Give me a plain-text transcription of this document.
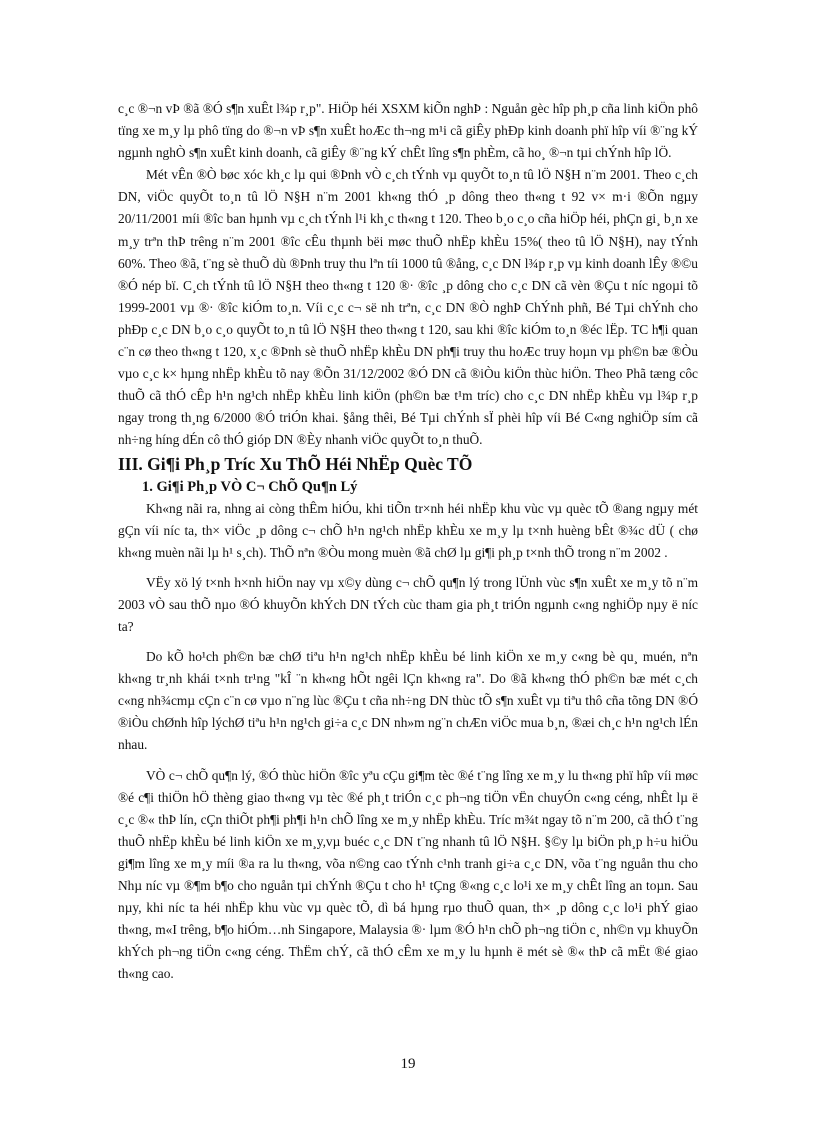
c¸c ®¬n vÞ ®ã ®Ó s¶n xuÊt l¾p r¸p". HiÖp héi XSXM kiÕn nghÞ : Nguån gèc hîp ph¸p cña linh kiÖn phô tïng xe m¸y lµ phô tïng do ®¬n vÞ s¶n xuÊt hoÆc th¬ng m¹i cã giÊy phÐp kinh doanh phï hîp víi ®¨ng kÝ ngµnh nghÒ s¶n xuÊt kinh doanh, cã giÊy ®¨ng kÝ chÊt lîng s¶n phÈm, cã ho¸ ®¬n tµi chÝnh hîp lÖ.

Mét vÊn ®Ò bøc xóc kh¸c lµ qui ®Þnh vÒ c¸ch tÝnh vµ quyÕt to¸n tû lÖ N§H n¨m 2001. Theo c¸ch DN, viÖc quyÕt to¸n tû lÖ N§H n¨m 2001 kh«ng thÓ ¸p dông theo th«ng t 92 v× m·i ®Õn ngµy 20/11/2001 míi ®îc ban hµnh vµ c¸ch tÝnh l¹i kh¸c th«ng t 120. Theo b¸o c¸o cña hiÖp héi, phÇn gi¸ b¸n xe m¸y trªn thÞ trêng n¨m 2001 ®îc cÊu thµnh bëi møc thuÕ nhËp khÈu 15%( theo tû lÖ N§H), nay tÝnh 60%. Theo ®ã, t¨ng sè thuÕ dù ®Þnh truy thu lªn tíi 1000 tû ®ång, c¸c DN l¾p r¸p vµ kinh doanh lÊy ®©u ®Ó nép bï. C¸ch tÝnh tû lÖ N§H theo th«ng t 120 ®· ®îc ¸p dông cho c¸c DN cã vèn ®Çu t níc ngoµi tõ 1999-2001 vµ ®· ®îc kiÓm to¸n. Víi c¸c c¬ së nh trªn, c¸c DN ®Ò nghÞ ChÝnh phñ, Bé Tµi chÝnh cho phÐp c¸c DN b¸o c¸o quyÕt to¸n tû lÖ N§H theo th«ng t 120, sau khi ®îc kiÓm to¸n ®éc lËp. TC h¶i quan c¨n cø theo th«ng t 120, x¸c ®Þnh sè thuÕ nhËp khÈu DN ph¶i truy thu hoÆc truy hoµn vµ ph©n bæ ®Òu vµo c¸c k× hµng nhËp khÈu tõ nay ®Õn 31/12/2002 ®Ó DN cã ®iÒu kiÖn thùc hiÖn. Theo Phã tæng côc thuÕ cã thÓ cÊp h¹n ng¹ch nhËp khÈu linh kiÖn (ph©n bæ t¹m tríc) cho c¸c DN nhËp khÈu vµ l¾p r¸p ngay trong th¸ng 6/2000 ®Ó triÓn khai. §ång thêi, Bé Tµi chÝnh sÏ phèi hîp víi Bé C«ng nghiÖp sím cã nh÷ng híng dÉn cô thÓ gióp DN ®Èy nhanh viÖc quyÕt to¸n thuÕ.

III. Gi¶i Ph¸p Tríc Xu ThÕ Héi NhËp Quèc TÕ
1. Gi¶i Ph¸p VÒ C¬ ChÕ Qu¶n Lý

Kh«ng nãi ra, nhng ai còng thÊm hiÓu, khi tiÕn tr×nh héi nhËp khu vùc vµ quèc tÕ ®ang ngµy mét gÇn víi níc ta, th× viÖc ¸p dông c¬ chÕ h¹n ng¹ch nhËp khÈu xe m¸y lµ t×nh huèng bÊt ®¾c dÜ ( chø kh«ng muèn nãi lµ h¹ s¸ch). ThÕ nªn ®Òu mong muèn ®ã chØ lµ gi¶i ph¸p t×nh thÕ trong n¨m 2002 .

VËy xö lý t×nh h×nh hiÖn nay vµ x©y dùng c¬ chÕ qu¶n lý trong lÜnh vùc s¶n xuÊt xe m¸y tõ n¨m 2003 vÒ sau thÕ nµo ®Ó khuyÕn khÝch DN tÝch cùc tham gia ph¸t triÓn ngµnh c«ng nghiÖp nµy ë níc ta?

Do kÕ ho¹ch ph©n bæ chØ tiªu h¹n ng¹ch nhËp khÈu bé linh kiÖn xe m¸y c«ng bè qu¸ muén, nªn kh«ng tr¸nh khái t×nh tr¹ng "kÎ ¨n kh«ng hÕt ngêi lÇn kh«ng ra". Do ®ã kh«ng thÓ ph©n bæ mét c¸ch c«ng nh¾cmµ cÇn c¨n cø vµo n¨ng lùc ®Çu t cña nh÷ng DN thùc tÕ s¶n xuÊt vµ tiªu thô cña tõng DN ®Ó ®iÒu chØnh hîp lýchØ tiªu h¹n ng¹ch gi÷a c¸c DN nh»m ng¨n chÆn viÖc mua b¸n, ®æi ch¸c h¹n ng¹ch lÉn nhau.

VÒ c¬ chÕ qu¶n lý, ®Ó thùc hiÖn ®îc yªu cÇu gi¶m tèc ®é t¨ng lîng xe m¸y lu th«ng phï hîp víi møc ®é c¶i thiÖn hÖ thèng giao th«ng vµ tèc ®é ph¸t triÓn c¸c ph¬ng tiÖn vËn chuyÓn c«ng céng, nhÊt lµ ë c¸c ®« thÞ lín, cÇn thiÕt ph¶i ph¶i h¹n chÕ lîng xe m¸y nhËp khÈu. Tríc m¾t ngay tõ n¨m 200, cã thÓ t¨ng thuÕ nhËp khÈu bé linh kiÖn xe m¸y,vµ buéc c¸c DN t¨ng nhanh tû lÖ N§H. §©y lµ biÖn ph¸p h÷u hiÖu gi¶m lîng xe m¸y míi ®a ra lu th«ng, võa n©ng cao tÝnh c¹nh tranh gi÷a c¸c DN, võa t¨ng nguån thu cho Nhµ níc vµ ®¶m b¶o cho nguån tµi chÝnh ®Çu t cho h¹ tÇng ®«ng c¸c lo¹i xe m¸y chÊt lîng an toµn. Sau nµy, khi níc ta héi nhËp khu vùc vµ quèc tÕ, dì bá hµng rµo thuÕ quan, th× ¸p dông c¸c lo¹i phÝ giao th«ng, m«I trêng, b¶o hiÓm…nh Singapore, Malaysia ®· lµm ®Ó h¹n chÕ ph¬ng tiÖn c¸ nh©n vµ khuyÕn khÝch ph¬ng tiÖn c«ng céng. ThËm chÝ, cã thÓ cÊm xe m¸y lu hµnh ë mét sè ®« thÞ cã mËt ®é giao th«ng cao.

19
